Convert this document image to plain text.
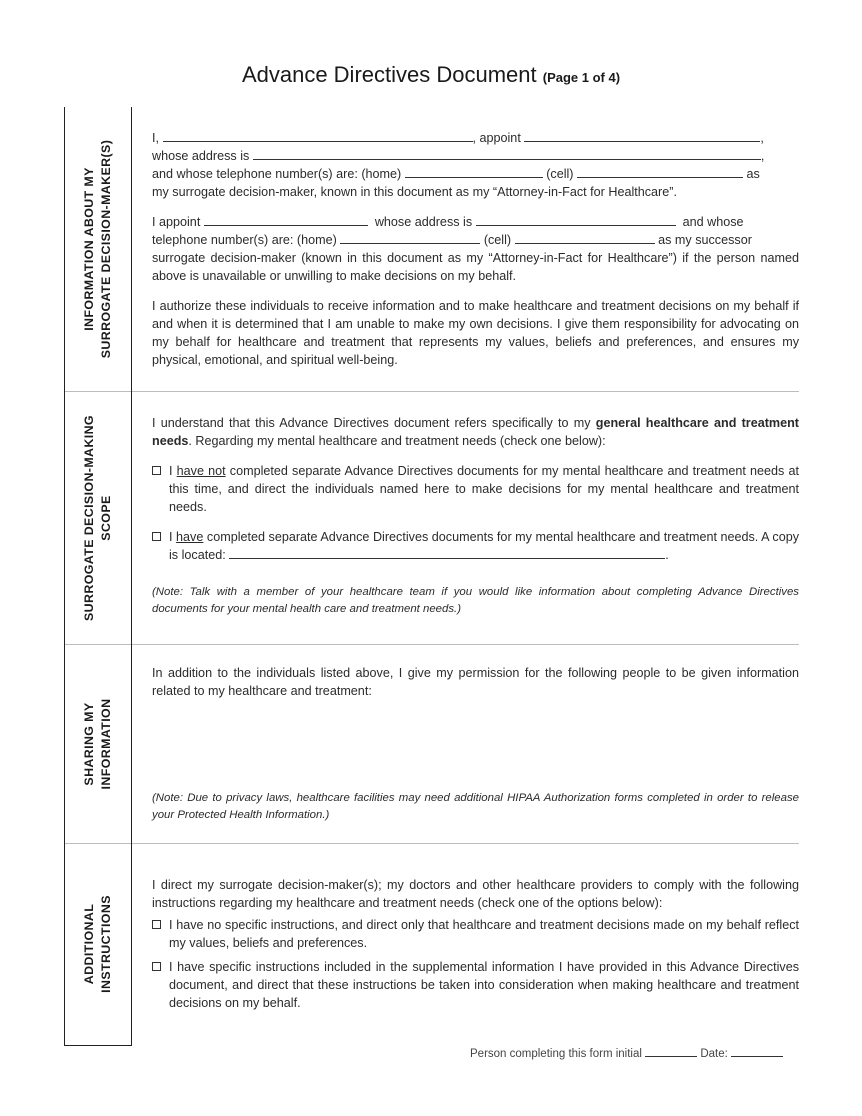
Advance Directives Document (Page 1 of 4)
INFORMATION ABOUT MY SURROGATE DECISION-MAKER(S)

I,	, appoint	,
whose address is	,
and whose telephone number(s) are: (home)	(cell)	as
my surrogate decision-maker, known in this document as my “Attorney-in-Fact for Healthcare”.

I appoint	whose address is	and whose
telephone number(s) are: (home)	(cell)	as my successor

surrogate decision-maker (known in this document as my “Attorney-in-Fact for Healthcare”) if the person named above is unavailable or unwilling to make decisions on my behalf.

I authorize these individuals to receive information and to make healthcare and treatment decisions on my behalf if and when it is determined that I am unable to make my own decisions. I give them responsibility for advocating on my behalf for healthcare and treatment that represents my values, beliefs and preferences, and ensures my physical, emotional, and spiritual well-being.

SURROGATE DECISION-MAKING SCOPE

I understand that this Advance Directives document refers specifically to my general healthcare and treatment needs. Regarding my mental healthcare and treatment needs (check one below):

I have not completed separate Advance Directives documents for my mental healthcare and treatment needs at this time, and direct the individuals named here to make decisions for my mental healthcare and treatment needs.
I have completed separate Advance Directives documents for my mental healthcare and treatment needs. A copy is located:	.

(Note: Talk with a member of your healthcare team if you would like information about completing Advance Directives documents for your mental health care and treatment needs.)

SHARING MY INFORMATION

In addition to the individuals listed above, I give my permission for the following people to be given information related to my healthcare and treatment:

(Note: Due to privacy laws, healthcare facilities may need additional HIPAA Authorization forms completed in order to release your Protected Health Information.)

ADDITIONAL INSTRUCTIONS

I direct my surrogate decision-maker(s); my doctors and other healthcare providers to comply with the following instructions regarding my healthcare and treatment needs (check one of the options below):

I have no specific instructions, and direct only that healthcare and treatment decisions made on my behalf reflect my values, beliefs and preferences.
I have specific instructions included in the supplemental information I have provided in this Advance Directives document, and direct that these instructions be taken into consideration when making healthcare and treatment decisions on my behalf.
Person completing this form initial	Date:
